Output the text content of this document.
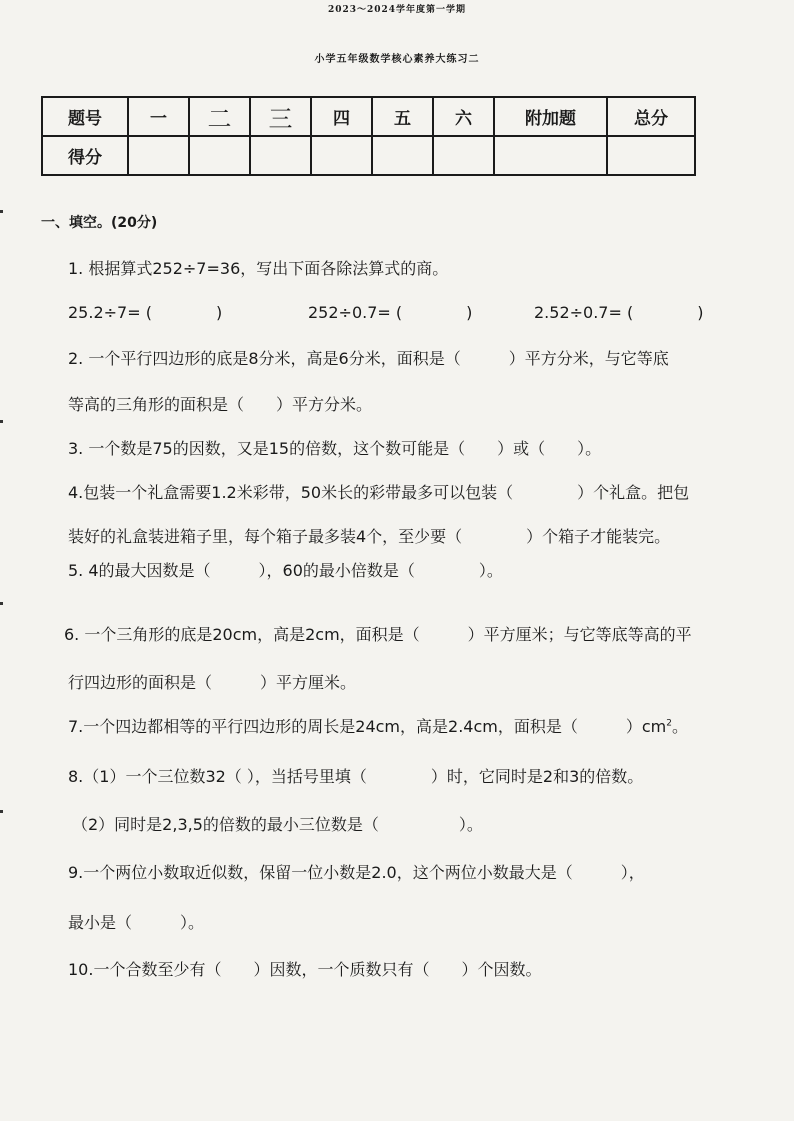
2023～2024学年度第一学期
小学五年级数学核心素养大练习二
题号	一	二	三	四	五	六	附加题	总分
得分								
一、填空。(20分)
1. 根据算式252÷7=36，写出下面各除法算式的商。
25.2÷7= (　　　　)	252÷0.7= (　　　　)	2.52÷0.7= (　　　　)
2. 一个平行四边形的底是8分米，高是6分米，面积是（　　　）平方分米，与它等底
等高的三角形的面积是（　　）平方分米。
3. 一个数是75的因数，又是15的倍数，这个数可能是（　　）或（　　）。
4.包装一个礼盒需要1.2米彩带，50米长的彩带最多可以包装（　　　　）个礼盒。把包
装好的礼盒装进箱子里，每个箱子最多装4个，至少要（　　　　）个箱子才能装完。
5. 4的最大因数是（　　　），60的最小倍数是（　　　　）。
6. 一个三角形的底是20cm，高是2cm，面积是（　　　）平方厘米；与它等底等高的平
行四边形的面积是（　　　）平方厘米。
7.一个四边都相等的平行四边形的周长是24cm，高是2.4cm，面积是（　　　）$cm^2$。
8.（1）一个三位数32（ ），当括号里填（　　　　）时，它同时是2和3的倍数。
（2）同时是2,3,5的倍数的最小三位数是（　　　　　）。
9.一个两位小数取近似数，保留一位小数是2.0，这个两位小数最大是（　　　），
最小是（　　　）。
10.一个合数至少有（　　）因数，一个质数只有（　　）个因数。
